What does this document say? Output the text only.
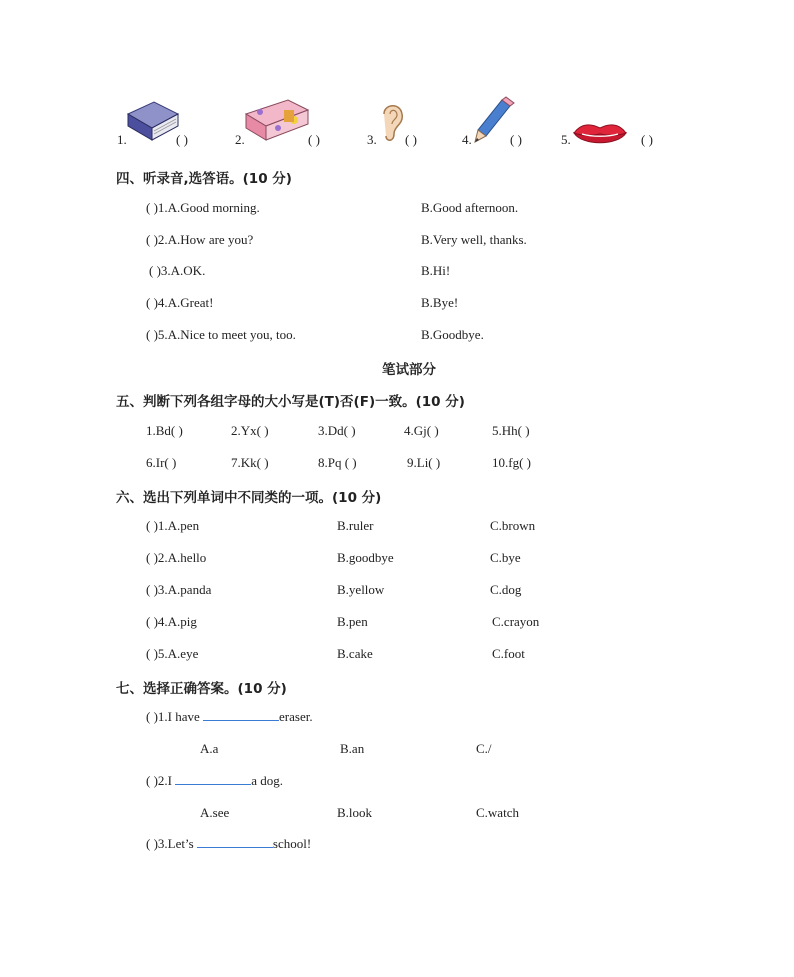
1.	( )	2.	( )	3. ( )	4.	( )	5.	( )
四、听录音,选答语。(10 分)
( )1.A.Good morning.	B.Good afternoon.
( )2.A.How are you?	B.Very well, thanks.
( )3.A.OK.	B.Hi!
( )4.A.Great!	B.Bye!
( )5.A.Nice to meet you, too.	B.Goodbye.
笔试部分
五、判断下列各组字母的大小写是(T)否(F)一致。(10 分)
1.Bd( )	2.Yx( )	3.Dd( )	4.Gj( )	5.Hh( )
6.Ir( )	7.Kk( )	8.Pq ( )	9.Li( )	10.fg( )
六、选出下列单词中不同类的一项。(10 分)
( )1.A.pen	B.ruler	C.brown
( )2.A.hello	B.goodbye	C.bye
( )3.A.panda	B.yellow	C.dog
( )4.A.pig	B.pen	C.crayon
( )5.A.eye	B.cake	C.foot
七、选择正确答案。(10 分)
( )1.I have	eraser.
A.a	B.an	C./
( )2.I	a dog.
A.see	B.look	C.watch
( )3.Let’s	school!
